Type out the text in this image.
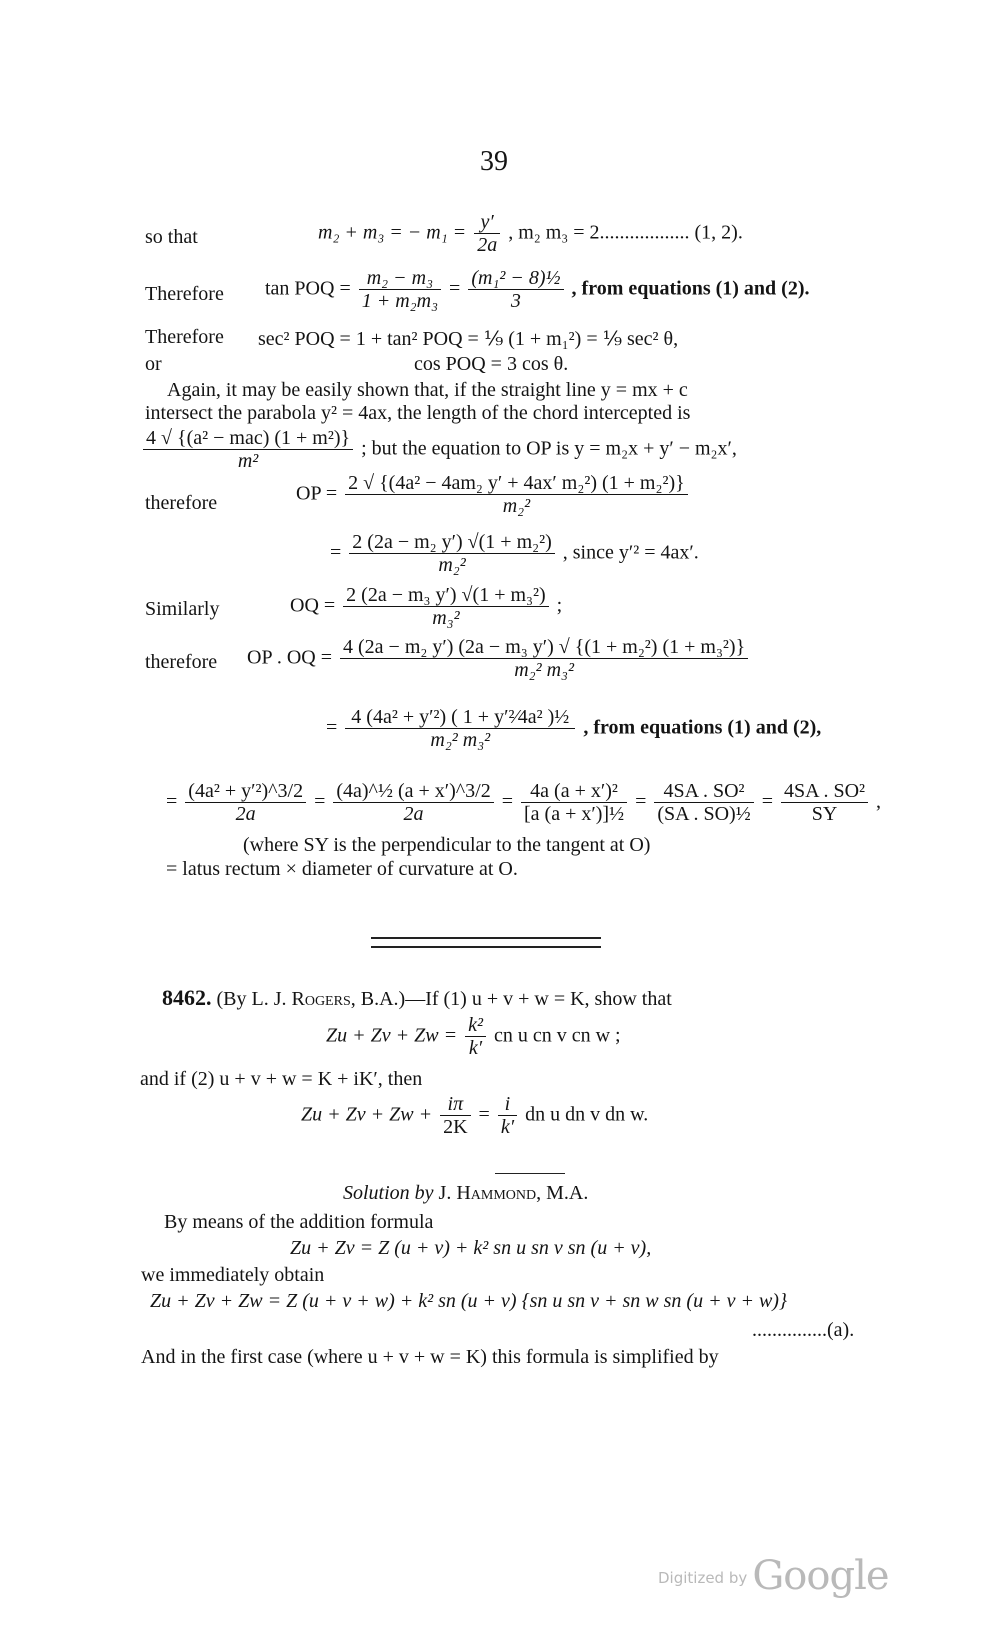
39
so that	m₂ + m₃ = − $m_1 = \frac{y'}{2a}$ , m₂ m₃ = 2.................. (1, 2).
Therefore tan POQ = $\frac{\text{m₂ − m₃}}{\text{1 + m₂m₃}} = \frac{\text{(m₁² − 8)½}}{3}$ , from equations (1) and (2).
Therefore sec² POQ = 1 + tan² POQ = ⅑ (1 + m₁²) = ⅑ sec² θ,
or	cos POQ = 3 cos θ.
Again, it may be easily shown that, if the straight line y = mx + c
intersect the parabola y² = 4ax, the length of the chord intercepted is
$\frac{\text{4 √ \{(a² − mac) (1 + m²)\}}}{\text{m²}}$ ; but the equation to OP is y = m₂x + y′ − m₂x′,
therefore	OP = $\frac{\text{2 √ \{(4a² − 4am₂ y′ + 4ax′ m₂²) (1 + m₂²)\}}}{\text{m₂²}}$
= $\frac{\text{2 (2a − m₂ y′) √(1 + m₂²)}}{\text{m₂²}}$ , since y′² = 4ax′.
Similarly	OQ = $\frac{\text{2 (2a − m₃ y′) √(1 + m₃²)}}{\text{m₃²}}$ ;
therefore OP . OQ = $\frac{\text{4 (2a − m₂ y′) (2a − m₃ y′) √ \{(1 + m₂²) (1 + m₃²)\}}}{\text{m₂² m₃²}}$
= $\frac{\text{4 (4a² + y′²) ( 1 + y′²⁄4a² )½}}{\text{m₂² m₃²}}$ , from equations (1) and (2),
= $\frac{\text{(4a² + y′²)\textasciicircum{}3/2}}{2a} = \frac{\text{(4a)\textasciicircum{}½ (a + x′)\textasciicircum{}3/2}}{2a} = \frac{\text{4a (a + x′)²}}{\text{[a (a + x′)]½}} = \frac{\text{4SA . SO²}}{\text{(SA . SO)½}} = \frac{\text{4SA . SO²}}{SY}$ ,
(where SY is the perpendicular to the tangent at O)
= latus rectum × diameter of curvature at O.
8462. (By L. J. Rogers, B.A.)—If (1) u + v + w = K, show that
$Zu + Zv + Zw = \frac{\text{k²}}{k'}$ cn u cn v cn w ;
and if (2) u + v + w = K + iK′, then
$Zu + Zv + Zw + \frac{i\pi}{2K} = \frac{i}{k'}$ dn u dn v dn w.
Solution by J. Hammond, M.A.
By means of the addition formula
Zu + Zv = Z (u + v) + k² sn u sn v sn (u + v),
we immediately obtain
Zu + Zv + Zw = Z (u + v + w) + k² sn (u + v) {sn u sn v + sn w sn (u + v + w)}
...............(a).
And in the first case (where u + v + w = K) this formula is simplified by
Digitized by Google
